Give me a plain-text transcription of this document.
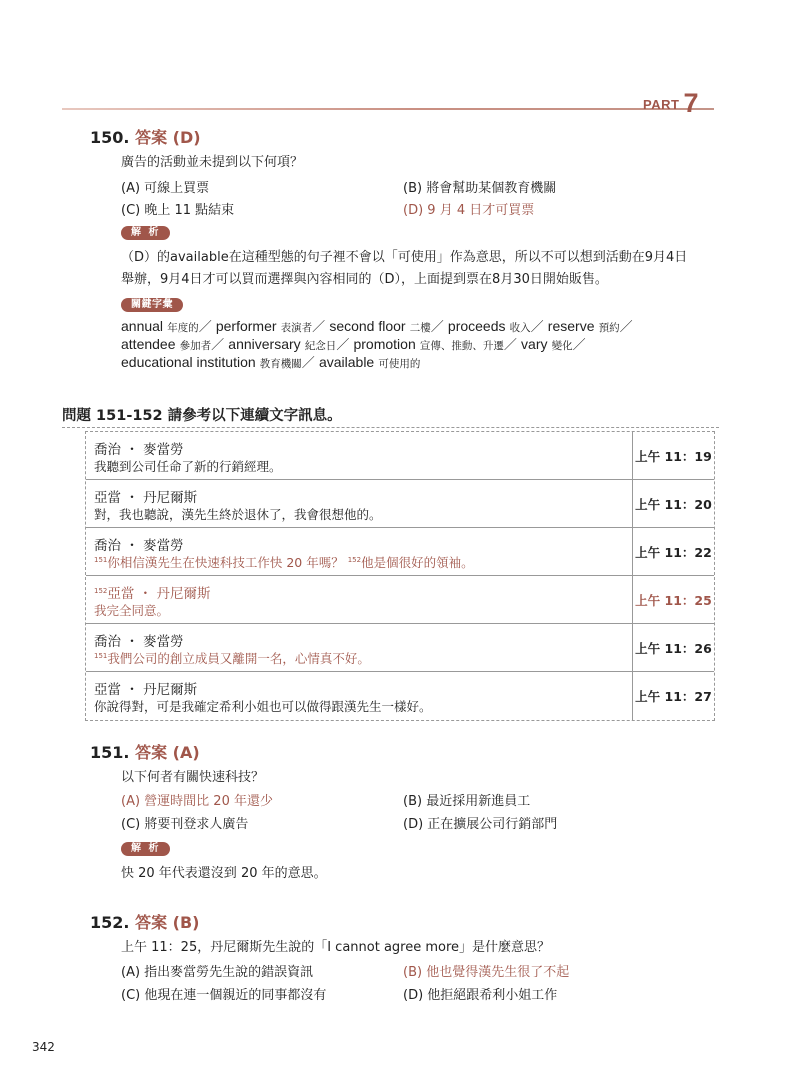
PART 7
150. 答案 (D)
廣告的活動並未提到以下何項？
(A) 可線上買票	(B) 將會幫助某個教育機關
(C) 晚上 11 點結束	(D) 9 月 4 日才可買票
解 析
（D）的available在這種型態的句子裡不會以「可使用」作為意思，所以不可以想到活動在9月4日
舉辦，9月4日才可以買而選擇與內容相同的（D），上面提到票在8月30日開始販售。
關鍵字彙
annual 年度的／ performer 表演者／ second floor 二樓／ proceeds 收入／ reserve 預約／
attendee 參加者／ anniversary 紀念日／ promotion 宣傳、推動、升遷／ vary 變化／
educational institution 教育機關／ available 可使用的
問題 151-152 請參考以下連續文字訊息。
喬治 ・ 麥當勞
我聽到公司任命了新的行銷經理。
上午 11：19
亞當 ・ 丹尼爾斯
對，我也聽說，漢先生終於退休了，我會很想他的。
上午 11：20
喬治 ・ 麥當勞
$^{151}$你相信漢先生在快速科技工作快 20 年嗎？ $^{152}$他是個很好的領袖。
上午 11：22
$^{152}$亞當 ・ 丹尼爾斯
我完全同意。
上午 11：25
喬治 ・ 麥當勞
$^{151}$我們公司的創立成員又離開一名，心情真不好。
上午 11：26
亞當 ・ 丹尼爾斯
你說得對，可是我確定希利小姐也可以做得跟漢先生一樣好。
上午 11：27
151. 答案 (A)
以下何者有關快速科技？
(A) 營運時間比 20 年還少	(B) 最近採用新進員工
(C) 將要刊登求人廣告	(D) 正在擴展公司行銷部門
解 析
快 20 年代表還沒到 20 年的意思。
152. 答案 (B)
上午 11：25，丹尼爾斯先生說的「I cannot agree more」是什麼意思？
(A) 指出麥當勞先生說的錯誤資訊	(B) 他也覺得漢先生很了不起
(C) 他現在連一個親近的同事都沒有	(D) 他拒絕跟希利小姐工作
342
